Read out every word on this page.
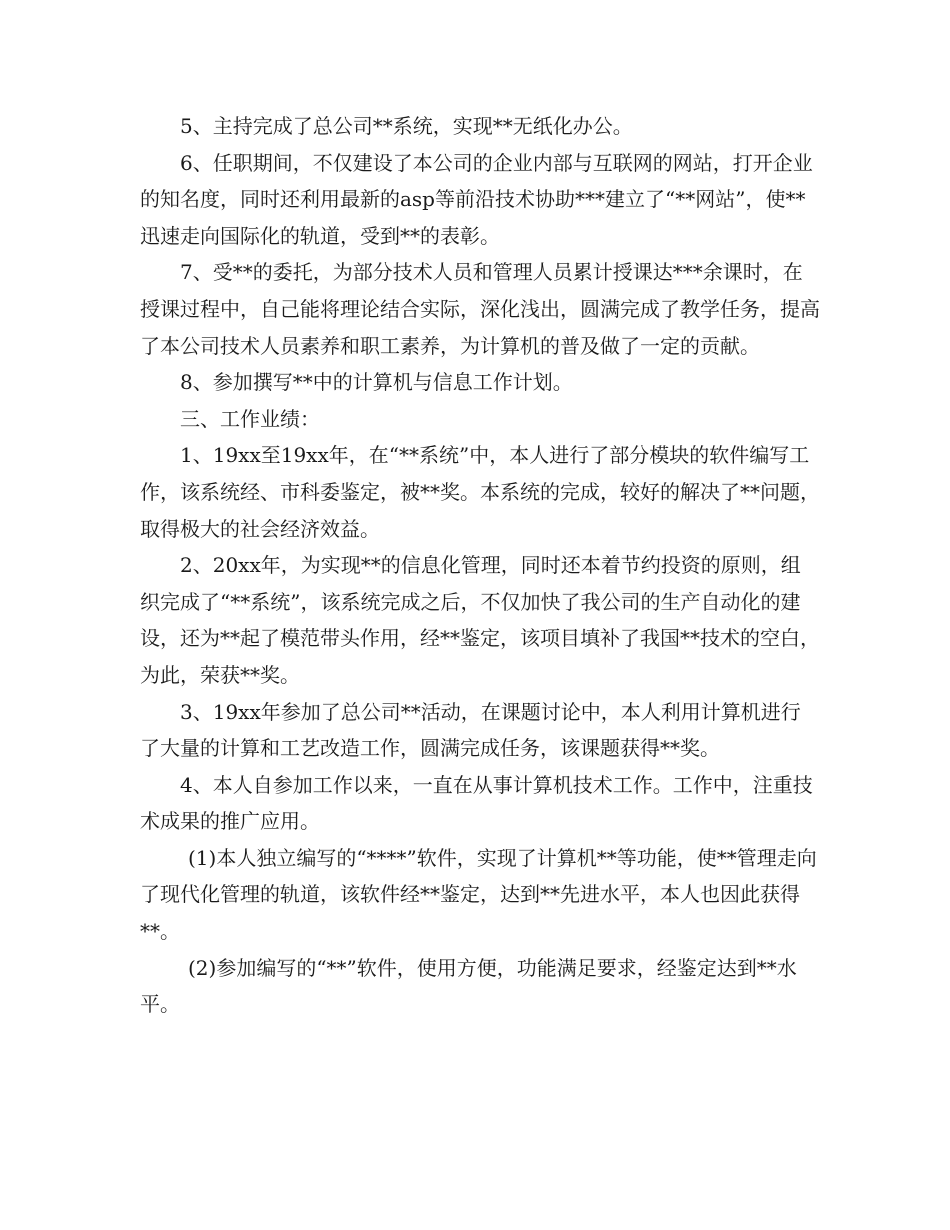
5、主持完成了总公司**系统，实现**无纸化办公。

6、任职期间，不仅建设了本公司的企业内部与互联网的网站，打开企业的知名度，同时还利用最新的asp等前沿技术协助***建立了“**网站”，使**迅速走向国际化的轨道，受到**的表彰。

7、受**的委托，为部分技术人员和管理人员累计授课达***余课时，在授课过程中，自己能将理论结合实际，深化浅出，圆满完成了教学任务，提高了本公司技术人员素养和职工素养，为计算机的普及做了一定的贡献。

8、参加撰写**中的计算机与信息工作计划。

三、工作业绩：

1、19xx至19xx年，在“**系统”中，本人进行了部分模块的软件编写工作，该系统经、市科委鉴定，被**奖。本系统的完成，较好的解决了**问题，取得极大的社会经济效益。

2、20xx年，为实现**的信息化管理，同时还本着节约投资的原则，组织完成了“**系统”，该系统完成之后，不仅加快了我公司的生产自动化的建设，还为**起了模范带头作用，经**鉴定，该项目填补了我国**技术的空白，为此，荣获**奖。

3、19xx年参加了总公司**活动，在课题讨论中，本人利用计算机进行了大量的计算和工艺改造工作，圆满完成任务，该课题获得**奖。

4、本人自参加工作以来，一直在从事计算机技术工作。工作中，注重技术成果的推广应用。

(1)本人独立编写的“****”软件，实现了计算机**等功能，使**管理走向了现代化管理的轨道，该软件经**鉴定，达到**先进水平，本人也因此获得**。

(2)参加编写的“**”软件，使用方便，功能满足要求，经鉴定达到**水平。
